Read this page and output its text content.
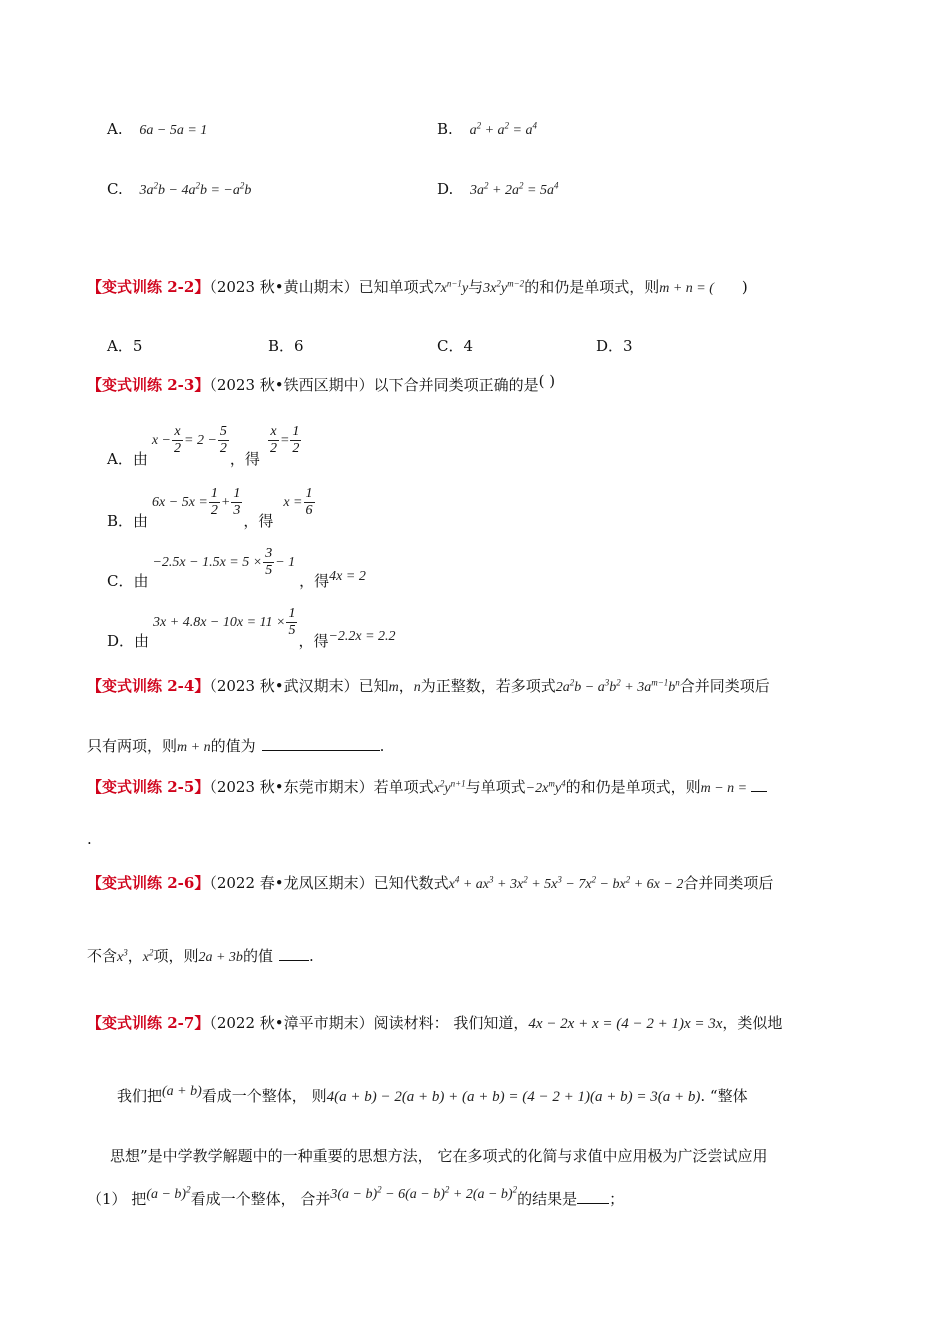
A. 6a − 5a = 1	B. $a^2 + a^2 = a^4$
C. $3a^2b - 4a^2b = -a^2b$	D. $3a^2 + 2a^2 = 5a^4$
【变式训练 2-2】（2023 秋•黄山期末）已知单项式$7x^{n-1}y$与$3x^2y^{m-2}$的和仍是单项式，则m + n = ( )
A．5	B．6	C．4	D．3
【变式训练 2-3】（2023 秋•铁西区期中）以下合并同类项正确的是( )
A．由
$x - \frac{x}{2} = 2 - \frac{5}{2}$
，得
$\frac{x}{2} = \frac{1}{2}$
B．由
$6x - 5x = \frac{1}{2} + \frac{1}{3}$
，得
$x = \frac{1}{6}$
C．由
$-2.5x - 1.5x = 5 \times \frac{3}{5} - 1$
，得 4x = 2
D．由
$3x + 4.8x - 10x = 11 \times \frac{1}{5}$
，得 −2.2x = 2.2
【变式训练 2-4】（2023 秋•武汉期末）已知m，n为正整数，若多项式$2a^2b - a^3b^2 + 3a^{m-1}b^n$合并同类项后
只有两项，则m + n的值为	.
【变式训练 2-5】（2023 秋•东莞市期末）若单项式$x^2y^{n+1}$与单项式$-2x^my^4$的和仍是单项式，则m − n =
.
【变式训练 2-6】（2022 春•龙凤区期末）已知代数式$x^4 + ax^3 + 3x^2 + 5x^3 - 7x^2 - bx^2 + 6x - 2$合并同类项后
不含$x^3$，$x^2$项，则2a + 3b的值 .
【变式训练 2-7】（2022 秋•漳平市期末）阅读材料： 我们知道，4x − 2x + x = (4 − 2 + 1)x = 3x，类似地
我们把(a + b)看成一个整体， 则4(a + b) − 2(a + b) + (a + b) = (4 − 2 + 1)(a + b) = 3(a + b). “整体
思想”是中学教学解题中的一种重要的思想方法， 它在多项式的化简与求值中应用极为广泛尝试应用
（1） 把$(a - b)^2$看成一个整体， 合并$3(a - b)^2 - 6(a - b)^2 + 2(a - b)^2$的结果是 ；
